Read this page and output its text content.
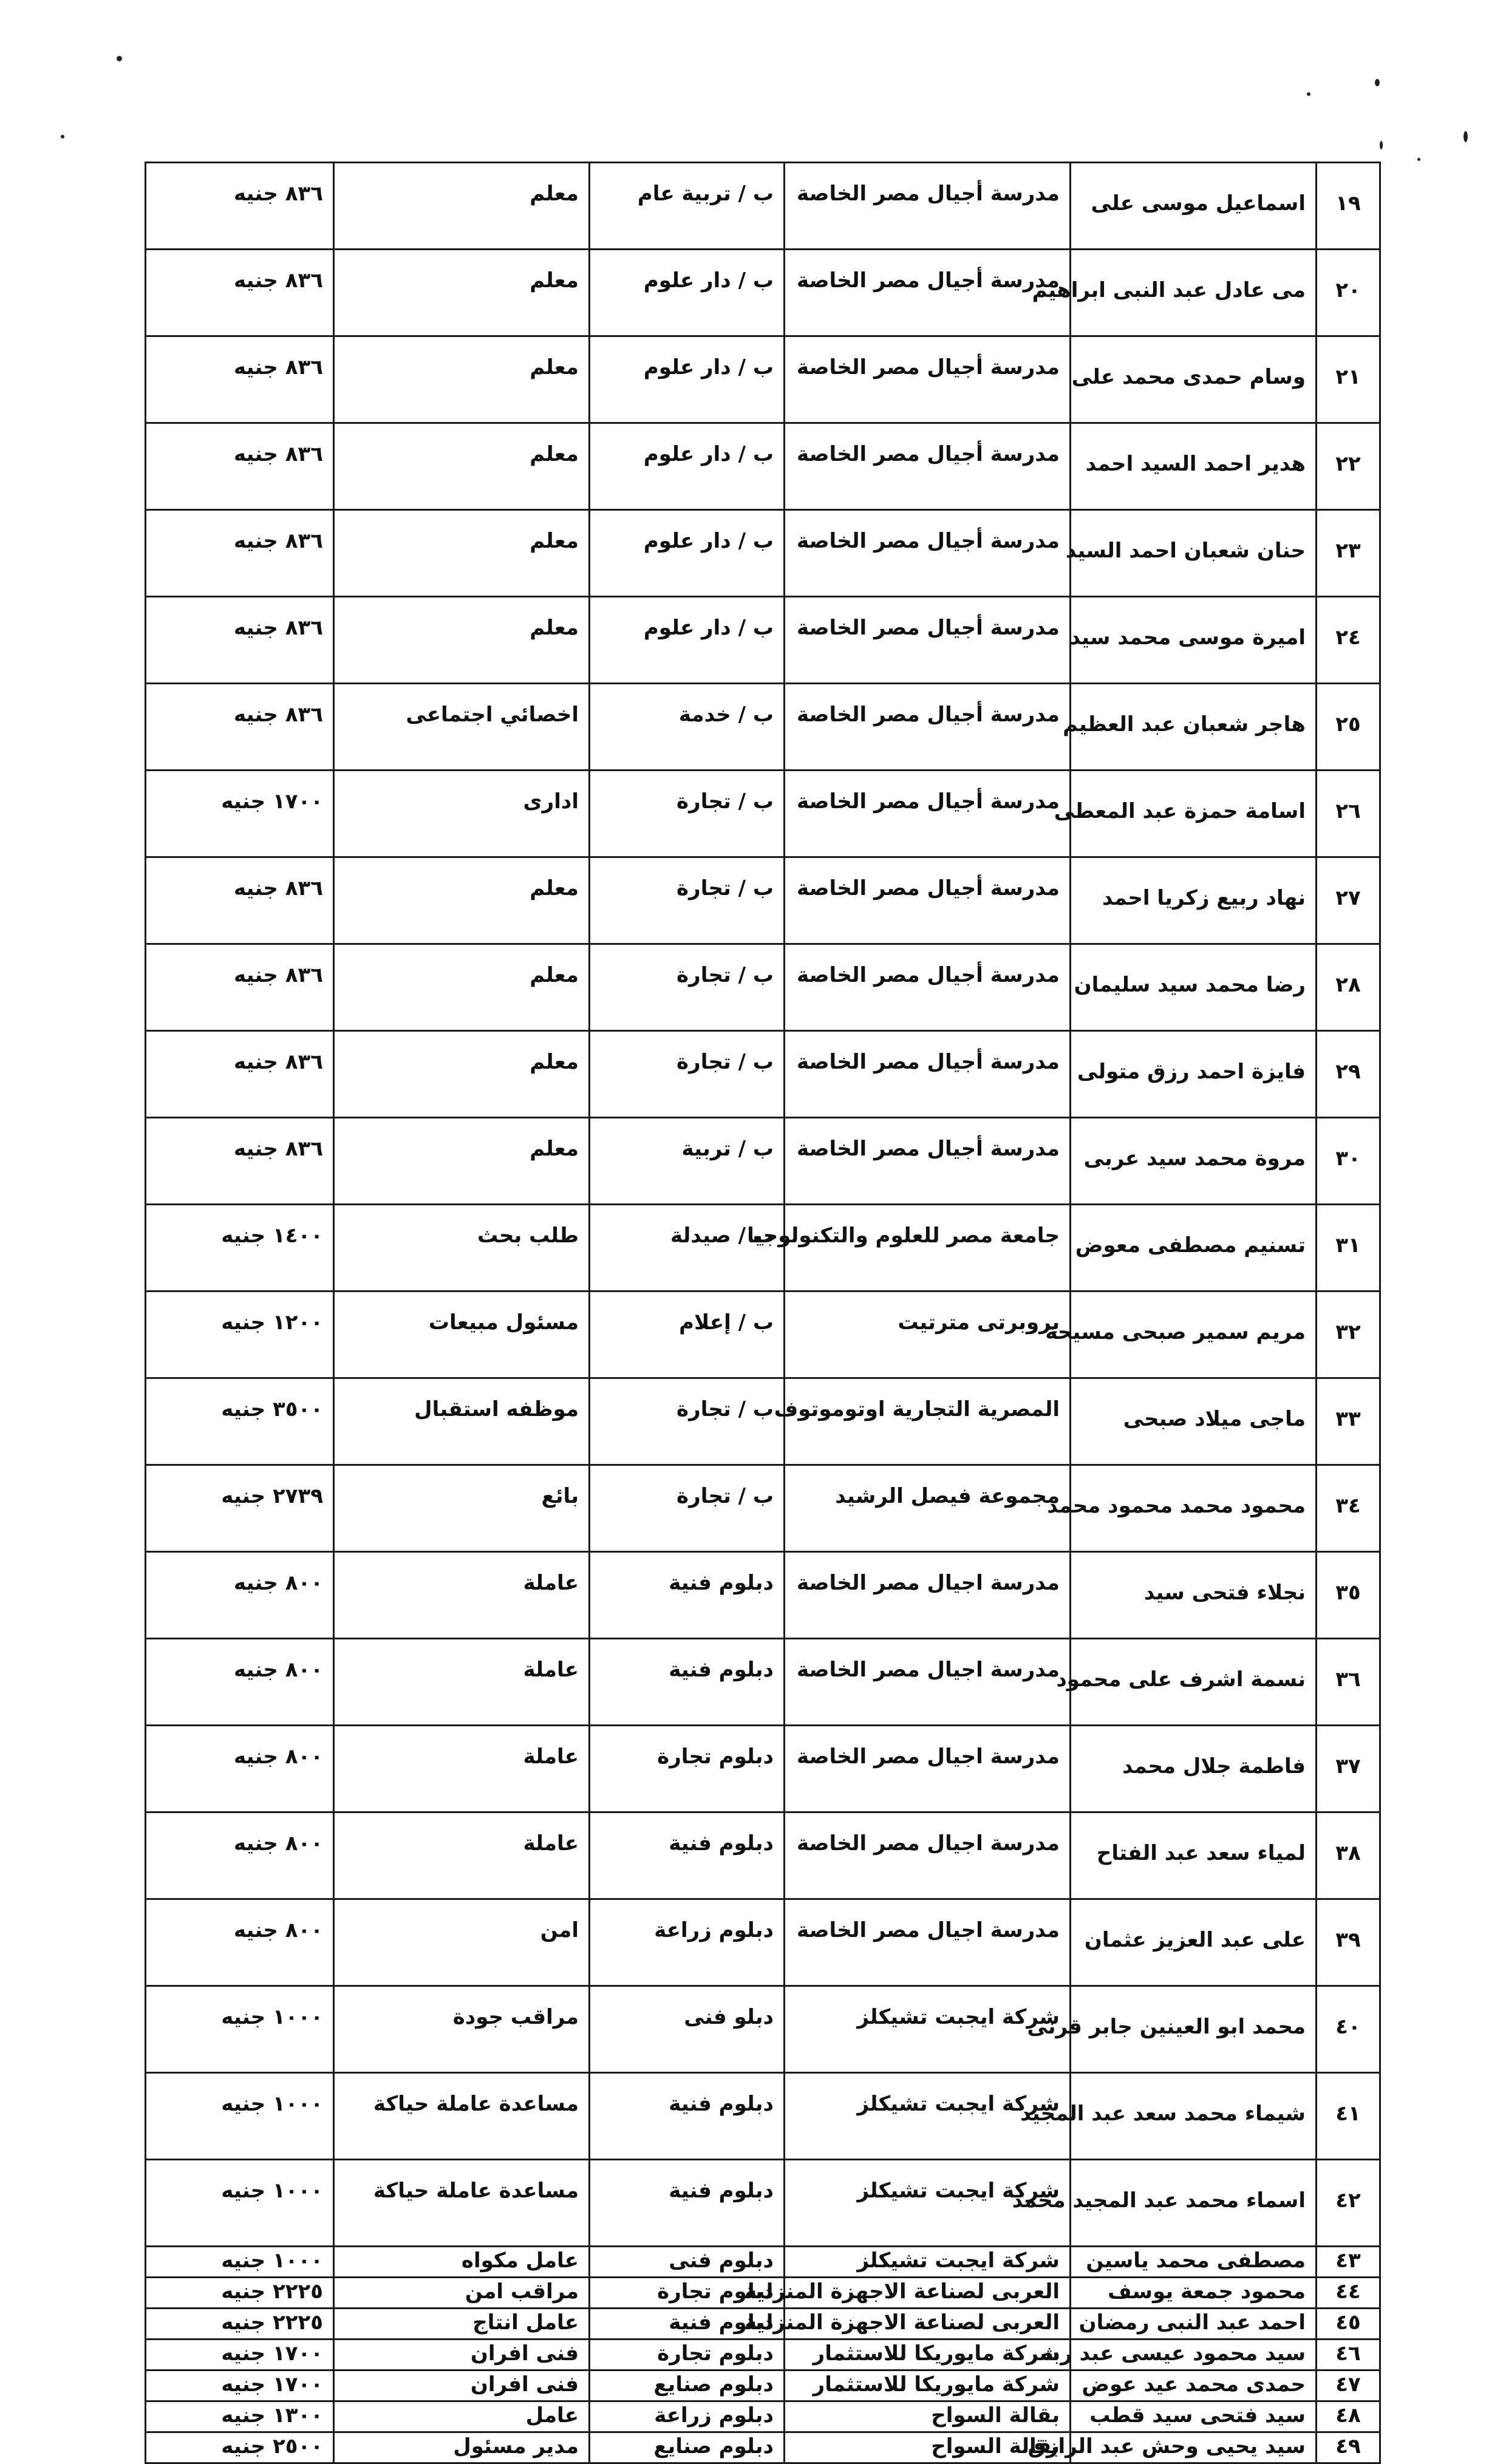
١٩	اسماعيل موسى على	مدرسة أجيال مصر الخاصة	ب / تربية عام	معلم	٨٣٦ جنيه
٢٠	مى عادل عبد النبى ابراهيم	مدرسة أجيال مصر الخاصة	ب / دار علوم	معلم	٨٣٦ جنيه
٢١	وسام حمدى محمد على	مدرسة أجيال مصر الخاصة	ب / دار علوم	معلم	٨٣٦ جنيه
٢٢	هدير احمد السيد احمد	مدرسة أجيال مصر الخاصة	ب / دار علوم	معلم	٨٣٦ جنيه
٢٣	حنان شعبان احمد السيد	مدرسة أجيال مصر الخاصة	ب / دار علوم	معلم	٨٣٦ جنيه
٢٤	اميرة موسى محمد سيد	مدرسة أجيال مصر الخاصة	ب / دار علوم	معلم	٨٣٦ جنيه
٢٥	هاجر شعبان عبد العظيم	مدرسة أجيال مصر الخاصة	ب / خدمة	اخصائي اجتماعى	٨٣٦ جنيه
٢٦	اسامة حمزة عبد المعطى	مدرسة أجيال مصر الخاصة	ب / تجارة	ادارى	١٧٠٠ جنيه
٢٧	نهاد ربيع زكريا احمد	مدرسة أجيال مصر الخاصة	ب / تجارة	معلم	٨٣٦ جنيه
٢٨	رضا محمد سيد سليمان	مدرسة أجيال مصر الخاصة	ب / تجارة	معلم	٨٣٦ جنيه
٢٩	فايزة احمد رزق متولى	مدرسة أجيال مصر الخاصة	ب / تجارة	معلم	٨٣٦ جنيه
٣٠	مروة محمد سيد عربى	مدرسة أجيال مصر الخاصة	ب / تربية	معلم	٨٣٦ جنيه
٣١	تسنيم مصطفى معوض	جامعة مصر للعلوم والتكنولوجيا	ب / صيدلة	طلب بحث	١٤٠٠ جنيه
٣٢	مريم سمير صبحى مسيحة	بروبرتى مترتيت	ب / إعلام	مسئول مبيعات	١٢٠٠ جنيه
٣٣	ماجى ميلاد صبحى	المصرية التجارية اوتوموتوف	ب / تجارة	موظفه استقبال	٣٥٠٠ جنيه
٣٤	محمود محمد محمود محمد	مجموعة فيصل الرشيد	ب / تجارة	بائع	٢٧٣٩ جنيه
٣٥	نجلاء فتحى سيد	مدرسة اجيال مصر الخاصة	دبلوم فنية	عاملة	٨٠٠ جنيه
٣٦	نسمة اشرف على محمود	مدرسة اجيال مصر الخاصة	دبلوم فنية	عاملة	٨٠٠ جنيه
٣٧	فاطمة جلال محمد	مدرسة اجيال مصر الخاصة	دبلوم تجارة	عاملة	٨٠٠ جنيه
٣٨	لمياء سعد عبد الفتاح	مدرسة اجيال مصر الخاصة	دبلوم فنية	عاملة	٨٠٠ جنيه
٣٩	على عبد العزيز عثمان	مدرسة اجيال مصر الخاصة	دبلوم زراعة	امن	٨٠٠ جنيه
٤٠	محمد ابو العينين جابر قرنى	شركة ايجبت تشيكلز	دبلو فنى	مراقب جودة	١٠٠٠ جنيه
٤١	شيماء محمد سعد عبد المجيد	شركة ايجبت تشيكلز	دبلوم فنية	مساعدة عاملة حياكة	١٠٠٠ جنيه
٤٢	اسماء محمد عبد المجيد محمد	شركة ايجبت تشيكلز	دبلوم فنية	مساعدة عاملة حياكة	١٠٠٠ جنيه
٤٣	مصطفى محمد ياسين	شركة ايجبت تشيكلز	دبلوم فنى	عامل مكواه	١٠٠٠ جنيه
٤٤	محمود جمعة يوسف	العربى لصناعة الاجهزة المنزلية	دبلوم تجارة	مراقب امن	٢٢٢٥ جنيه
٤٥	احمد عبد النبى رمضان	العربى لصناعة الاجهزة المنزلية	دبلوم فنية	عامل انتاج	٢٢٢٥ جنيه
٤٦	سيد محمود عيسى عبد ربه	شركة مايوريكا للاستثمار	دبلوم تجارة	فنى افران	١٧٠٠ جنيه
٤٧	حمدى محمد عيد عوض	شركة مايوريكا للاستثمار	دبلوم صنايع	فنى افران	١٧٠٠ جنيه
٤٨	سيد فتحى سيد قطب	بقالة السواح	دبلوم زراعة	عامل	١٣٠٠ جنيه
٤٩	سيد يحيى وحش عبد الرازق	بقالة السواح	دبلوم صنايع	مدير مسئول	٢٥٠٠ جنيه
